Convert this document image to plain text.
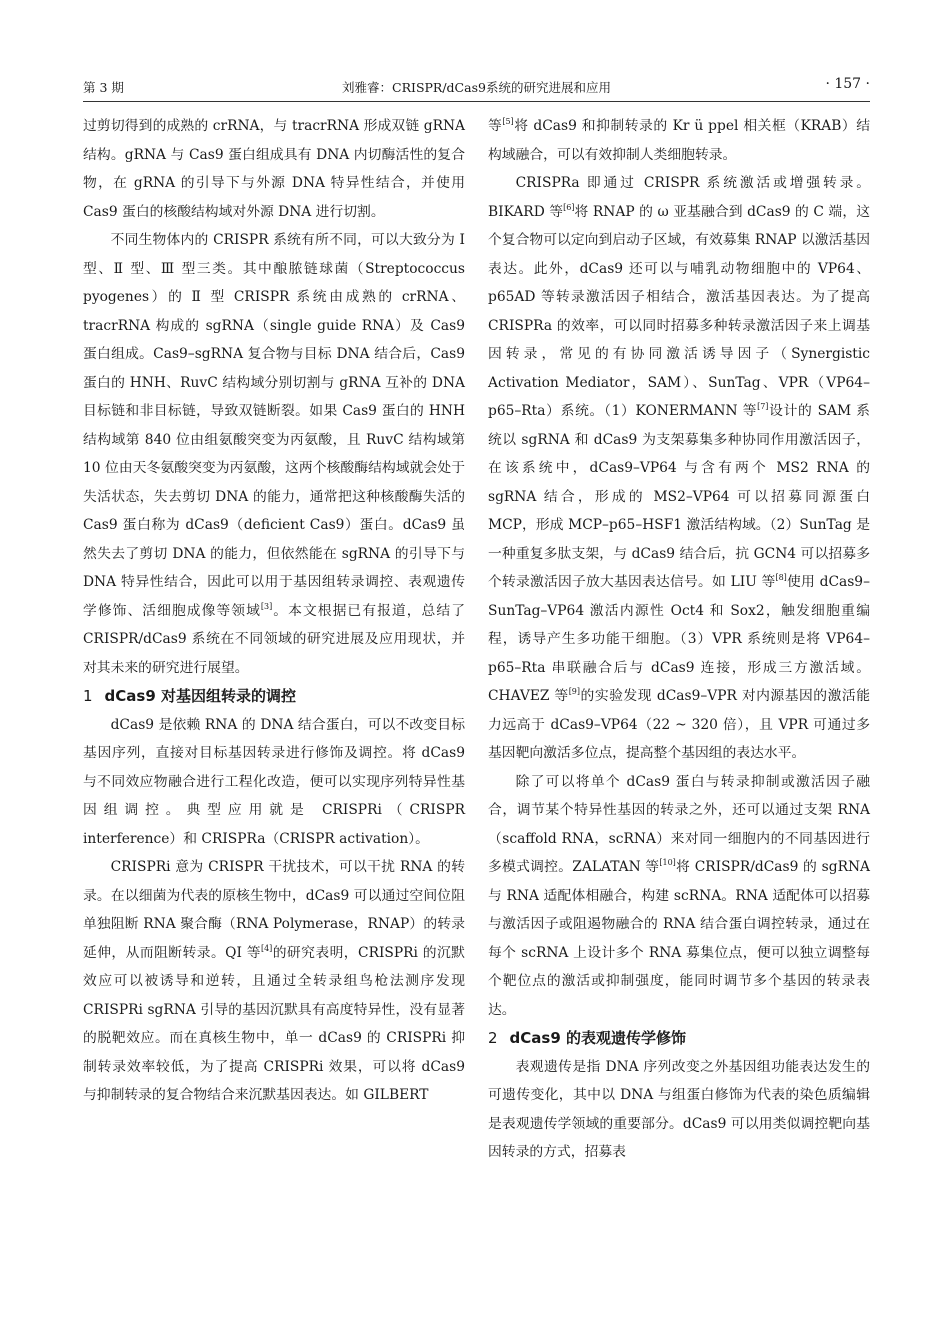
第 3 期	刘雅睿：CRISPR/dCas9系统的研究进展和应用	· 157 ·

过剪切得到的成熟的 crRNA，与 tracrRNA 形成双链 gRNA 结构。gRNA 与 Cas9 蛋白组成具有 DNA 内切酶活性的复合物，在 gRNA 的引导下与外源 DNA 特异性结合，并使用 Cas9 蛋白的核酸结构域对外源 DNA 进行切割。

不同生物体内的 CRISPR 系统有所不同，可以大致分为 I 型、Ⅱ 型、Ⅲ 型三类。其中酿脓链球菌（Streptococcus pyogenes）的 Ⅱ 型 CRISPR 系统由成熟的 crRNA、tracrRNA 构成的 sgRNA（single guide RNA）及 Cas9 蛋白组成。Cas9–sgRNA 复合物与目标 DNA 结合后，Cas9 蛋白的 HNH、RuvC 结构域分别切割与 gRNA 互补的 DNA 目标链和非目标链，导致双链断裂。如果 Cas9 蛋白的 HNH 结构域第 840 位由组氨酸突变为丙氨酸，且 RuvC 结构域第 10 位由天冬氨酸突变为丙氨酸，这两个核酸酶结构域就会处于失活状态，失去剪切 DNA 的能力，通常把这种核酸酶失活的 Cas9 蛋白称为 dCas9（deficient Cas9）蛋白。dCas9 虽然失去了剪切 DNA 的能力，但依然能在 sgRNA 的引导下与 DNA 特异性结合，因此可以用于基因组转录调控、表观遗传学修饰、活细胞成像等领域[3]。本文根据已有报道，总结了 CRISPR/dCas9 系统在不同领域的研究进展及应用现状，并对其未来的研究进行展望。

1 dCas9 对基因组转录的调控

dCas9 是依赖 RNA 的 DNA 结合蛋白，可以不改变目标基因序列，直接对目标基因转录进行修饰及调控。将 dCas9 与不同效应物融合进行工程化改造，便可以实现序列特异性基因组调控。典型应用就是 CRISPRi（CRISPR interference）和 CRISPRa（CRISPR activation）。

CRISPRi 意为 CRISPR 干扰技术，可以干扰 RNA 的转录。在以细菌为代表的原核生物中，dCas9 可以通过空间位阻单独阻断 RNA 聚合酶（RNA Polymerase，RNAP）的转录延伸，从而阻断转录。QI 等[4]的研究表明，CRISPRi 的沉默效应可以被诱导和逆转，且通过全转录组鸟枪法测序发现 CRISPRi sgRNA 引导的基因沉默具有高度特异性，没有显著的脱靶效应。而在真核生物中，单一 dCas9 的 CRISPRi 抑制转录效率较低，为了提高 CRISPRi 效果，可以将 dCas9 与抑制转录的复合物结合来沉默基因表达。如 GILBERT

等[5]将 dCas9 和抑制转录的 Kr ü ppel 相关框（KRAB）结构域融合，可以有效抑制人类细胞转录。

CRISPRa 即通过 CRISPR 系统激活或增强转录。BIKARD 等[6]将 RNAP 的 ω 亚基融合到 dCas9 的 C 端，这个复合物可以定向到启动子区域，有效募集 RNAP 以激活基因表达。此外，dCas9 还可以与哺乳动物细胞中的 VP64、p65AD 等转录激活因子相结合，激活基因表达。为了提高 CRISPRa 的效率，可以同时招募多种转录激活因子来上调基因转录，常见的有协同激活诱导因子（Synergistic Activation Mediator，SAM）、SunTag、VPR（VP64–p65–Rta）系统。（1）KONERMANN 等[7]设计的 SAM 系统以 sgRNA 和 dCas9 为支架募集多种协同作用激活因子，在该系统中，dCas9–VP64 与含有两个 MS2 RNA 的 sgRNA 结合，形成的 MS2–VP64 可以招募同源蛋白 MCP，形成 MCP–p65–HSF1 激活结构域。（2）SunTag 是一种重复多肽支架，与 dCas9 结合后，抗 GCN4 可以招募多个转录激活因子放大基因表达信号。如 LIU 等[8]使用 dCas9–SunTag–VP64 激活内源性 Oct4 和 Sox2，触发细胞重编程，诱导产生多功能干细胞。（3）VPR 系统则是将 VP64–p65–Rta 串联融合后与 dCas9 连接，形成三方激活域。CHAVEZ 等[9]的实验发现 dCas9–VPR 对内源基因的激活能力远高于 dCas9–VP64（22 ~ 320 倍），且 VPR 可通过多基因靶向激活多位点，提高整个基因组的表达水平。

除了可以将单个 dCas9 蛋白与转录抑制或激活因子融合，调节某个特异性基因的转录之外，还可以通过支架 RNA（scaffold RNA，scRNA）来对同一细胞内的不同基因进行多模式调控。ZALATAN 等[10]将 CRISPR/dCas9 的 sgRNA 与 RNA 适配体相融合，构建 scRNA。RNA 适配体可以招募与激活因子或阻遏物融合的 RNA 结合蛋白调控转录，通过在每个 scRNA 上设计多个 RNA 募集位点，便可以独立调整每个靶位点的激活或抑制强度，能同时调节多个基因的转录表达。

2 dCas9 的表观遗传学修饰

表观遗传是指 DNA 序列改变之外基因组功能表达发生的可遗传变化，其中以 DNA 与组蛋白修饰为代表的染色质编辑是表观遗传学领域的重要部分。dCas9 可以用类似调控靶向基因转录的方式，招募表
